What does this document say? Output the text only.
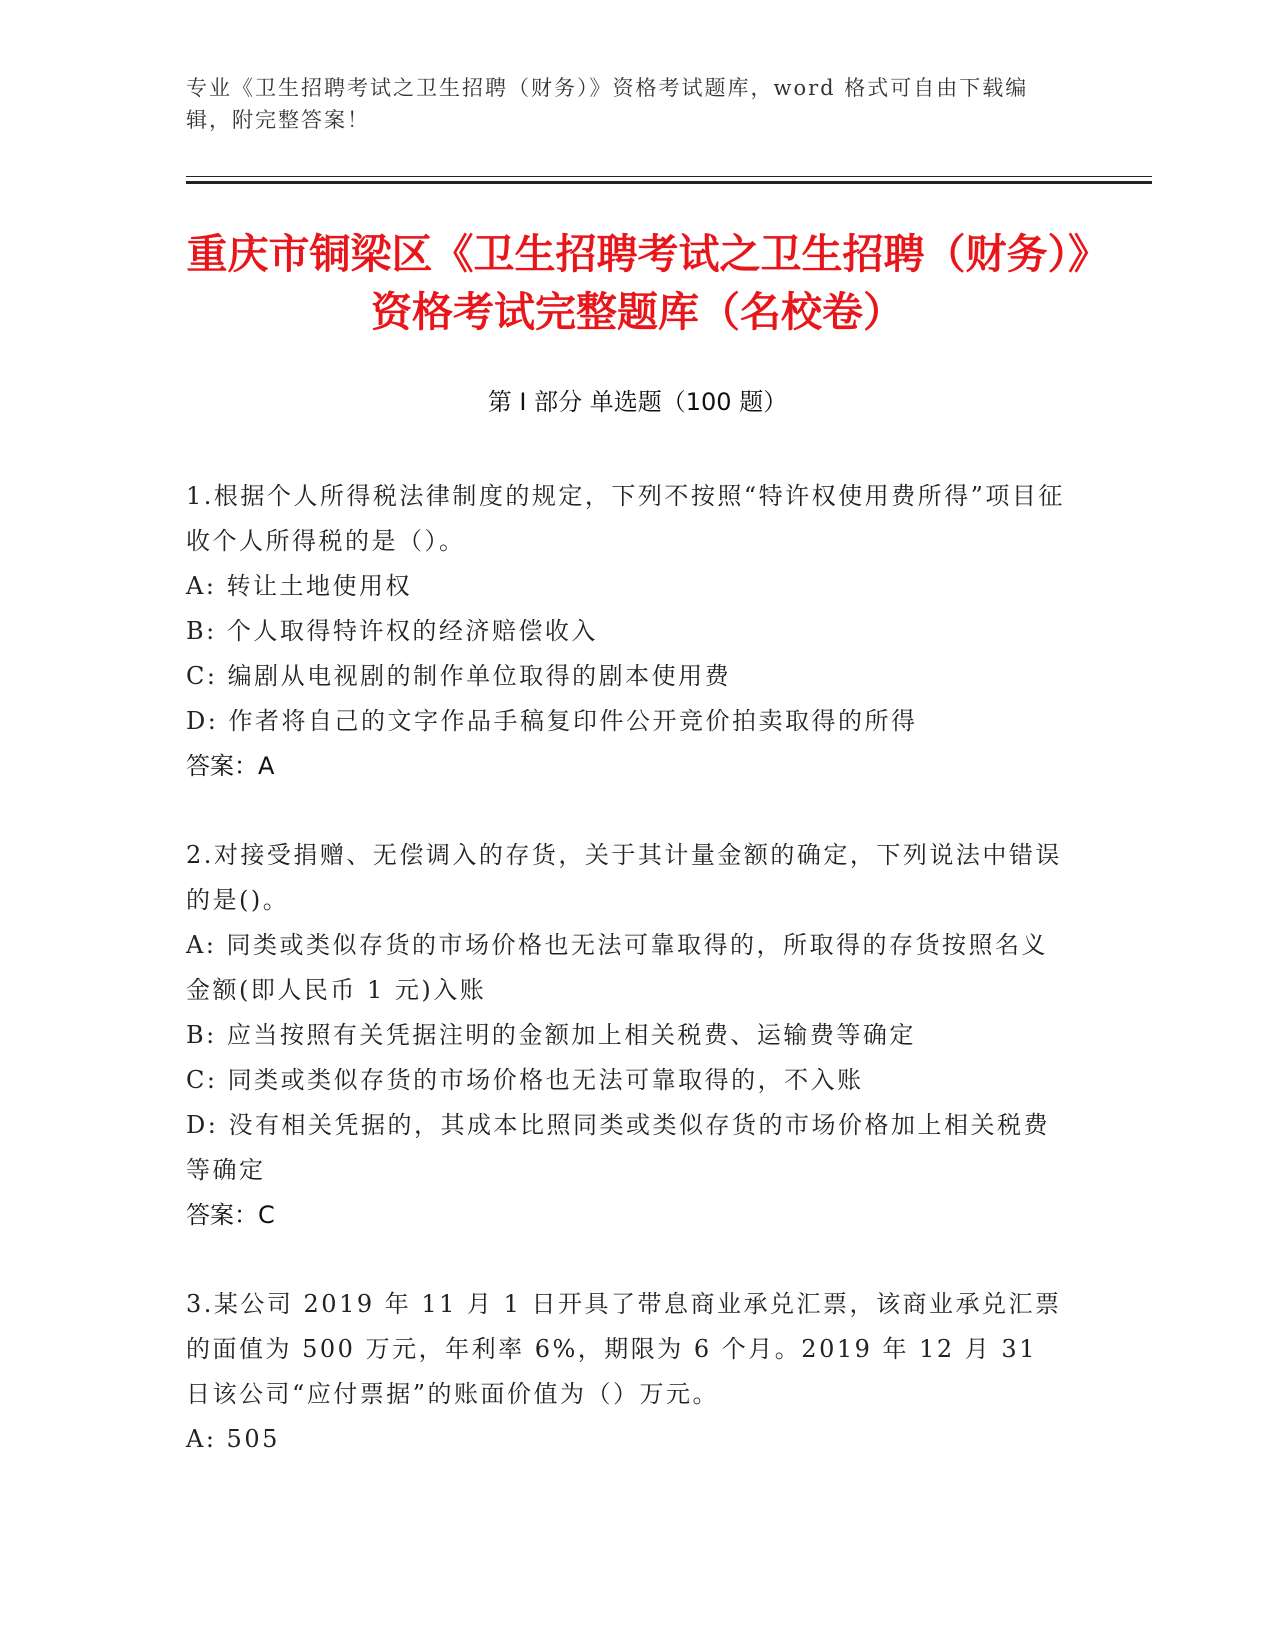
专业《卫生招聘考试之卫生招聘（财务）》资格考试题库，word 格式可自由下载编辑，附完整答案！
重庆市铜梁区《卫生招聘考试之卫生招聘（财务）》资格考试完整题库（名校卷）
第 I 部分 单选题（100 题）
1.根据个人所得税法律制度的规定，下列不按照“特许权使用费所得”项目征收个人所得税的是（）。
A: 转让土地使用权
B: 个人取得特许权的经济赔偿收入
C: 编剧从电视剧的制作单位取得的剧本使用费
D: 作者将自己的文字作品手稿复印件公开竞价拍卖取得的所得
答案：A
2.对接受捐赠、无偿调入的存货，关于其计量金额的确定，下列说法中错误的是()。
A: 同类或类似存货的市场价格也无法可靠取得的，所取得的存货按照名义金额(即人民币 1 元)入账
B: 应当按照有关凭据注明的金额加上相关税费、运输费等确定
C: 同类或类似存货的市场价格也无法可靠取得的，不入账
D: 没有相关凭据的，其成本比照同类或类似存货的市场价格加上相关税费等确定
答案：C
3.某公司 2019 年 11 月 1 日开具了带息商业承兑汇票，该商业承兑汇票的面值为 500 万元，年利率 6%，期限为 6 个月。2019 年 12 月 31 日该公司“应付票据”的账面价值为（）万元。
A: 505
